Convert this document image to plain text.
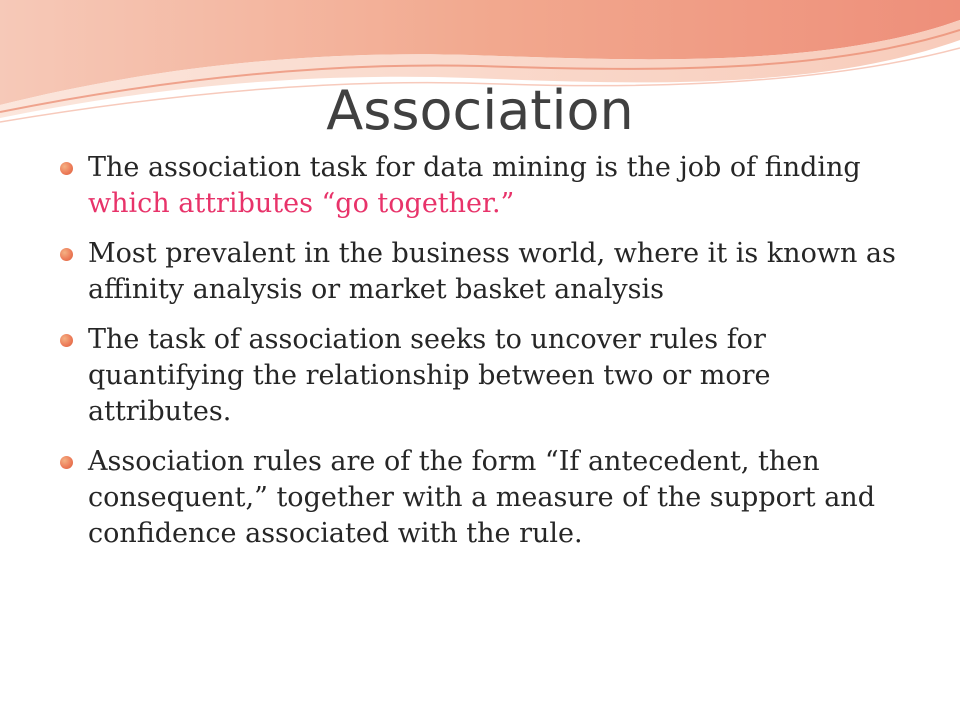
Association
The association task for data mining is the job of finding which attributes “go together.”
Most prevalent in the business world, where it is known as affinity analysis or market basket analysis
The task of association seeks to uncover rules for quantifying the relationship between two or more attributes.
Association rules are of the form “If antecedent, then consequent,” together with a measure of the support and confidence associated with the rule.
